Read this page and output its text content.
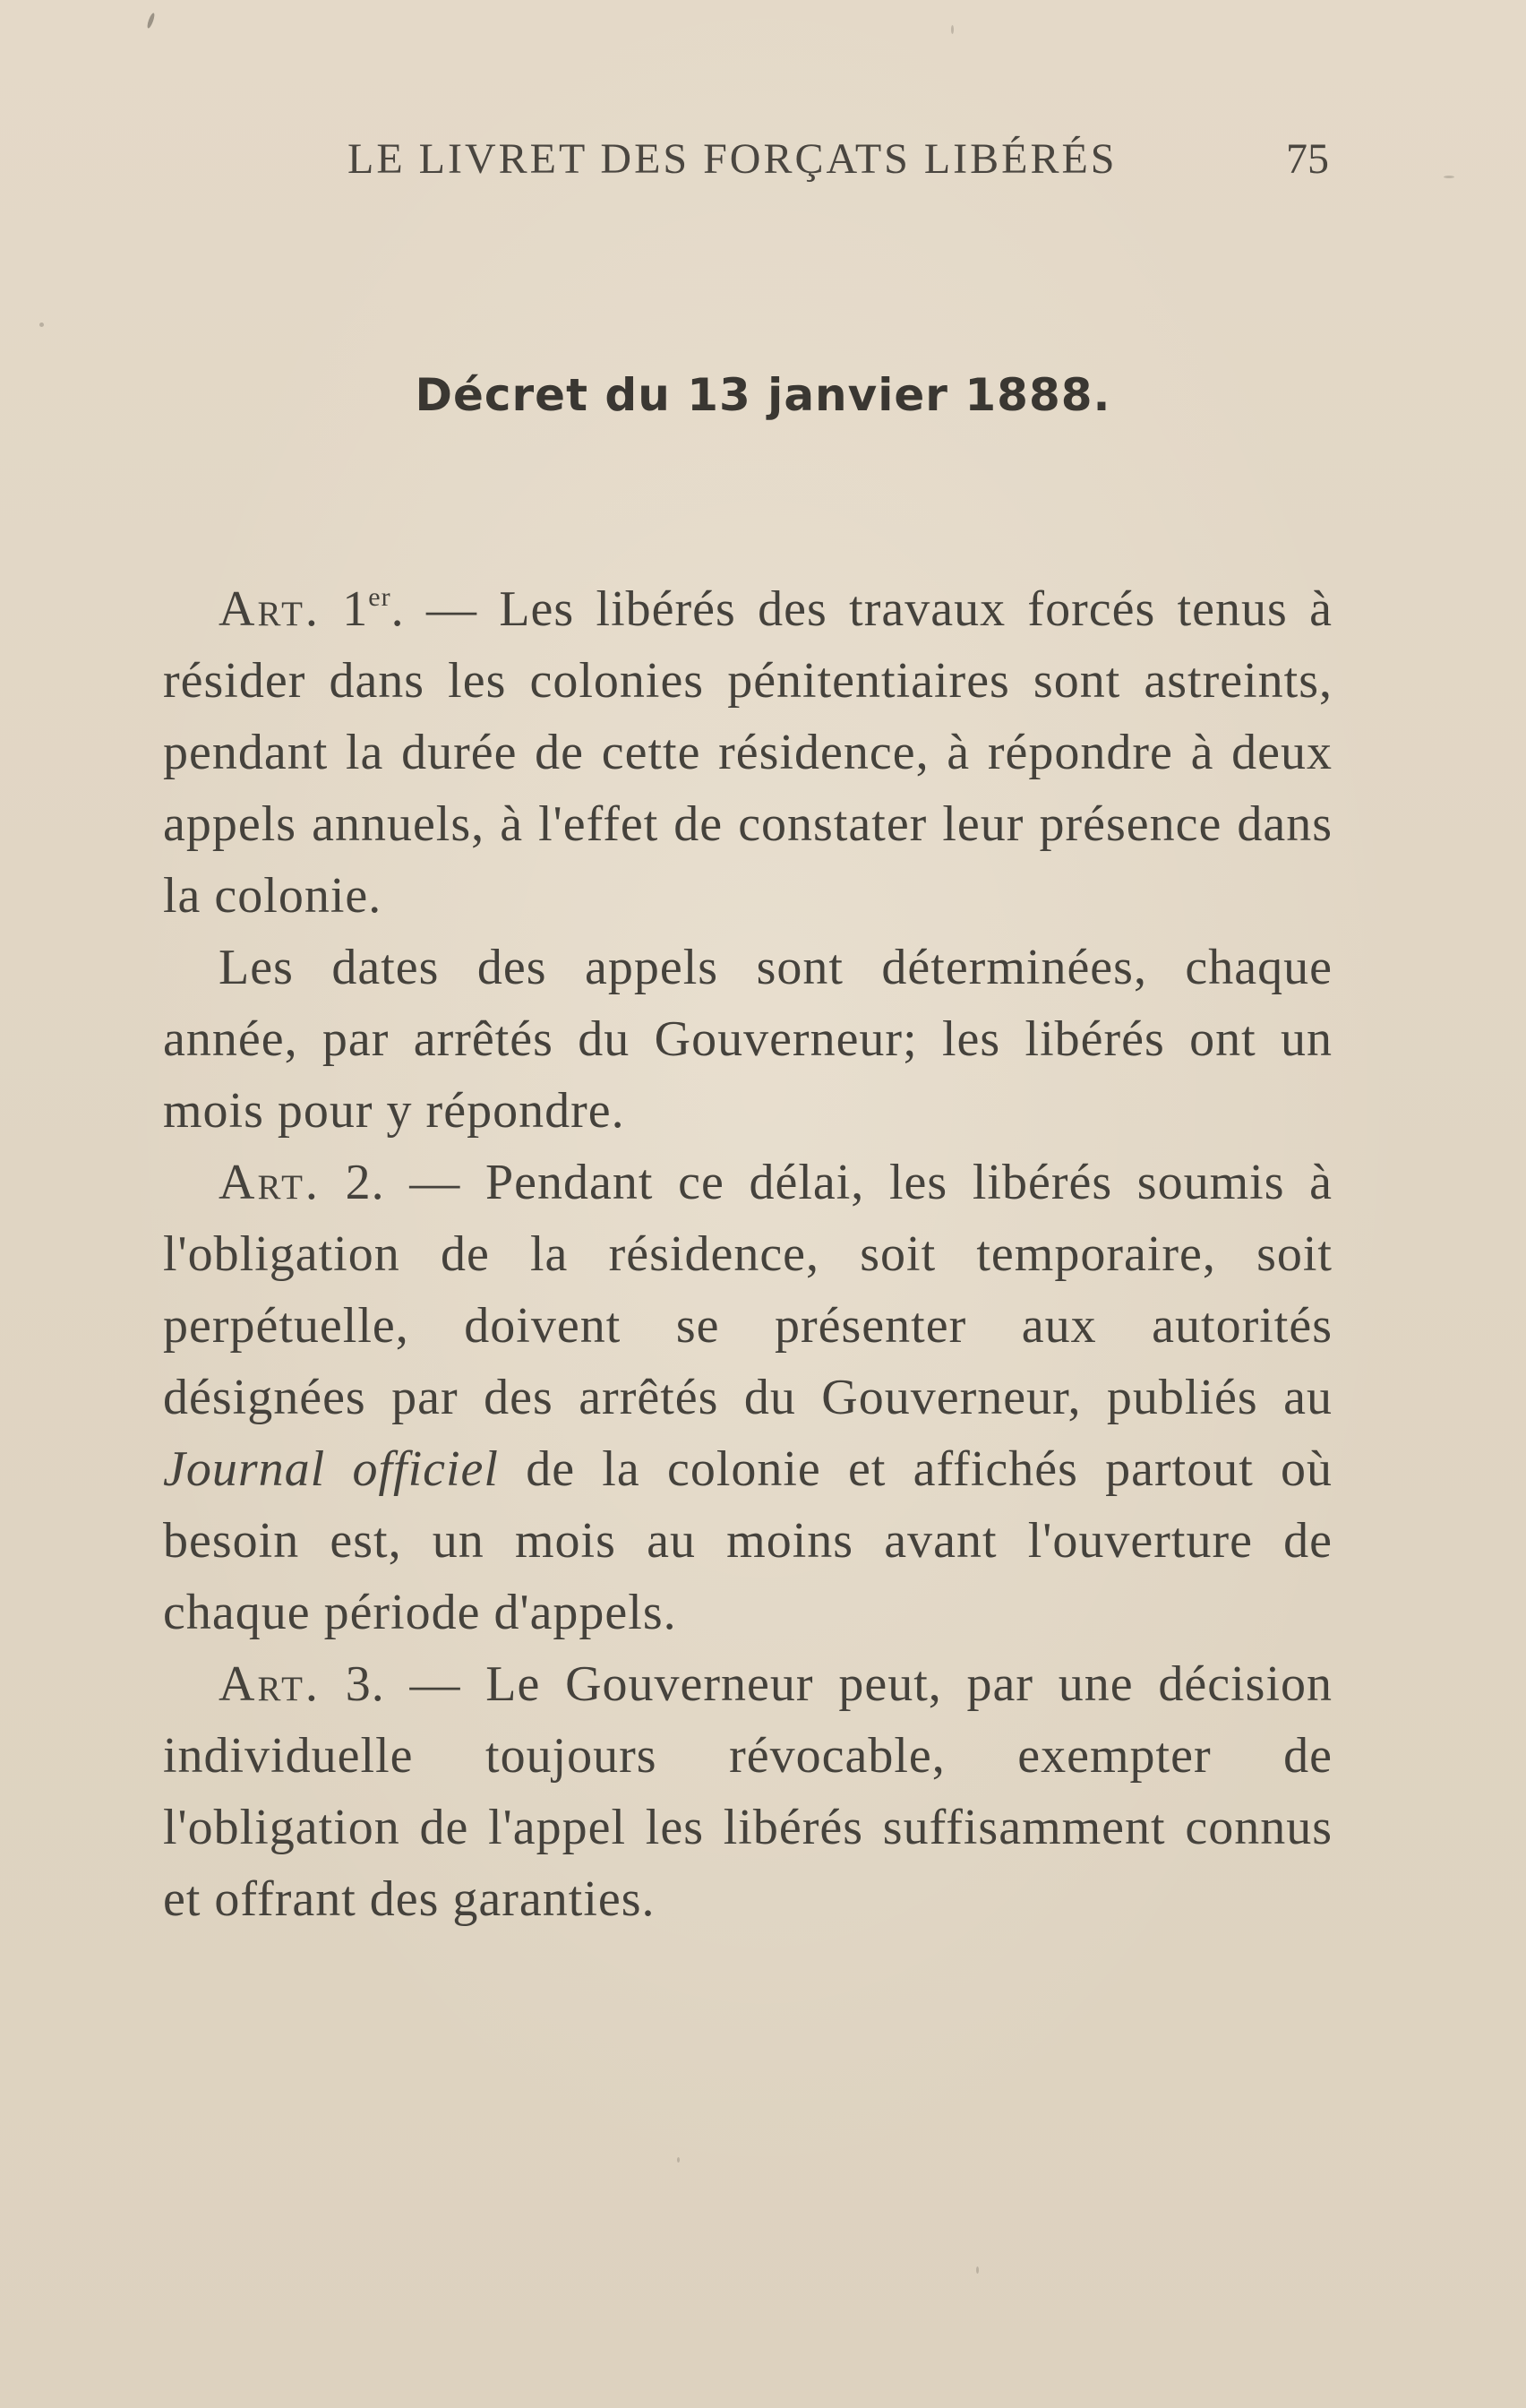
LE LIVRET DES FORÇATS LIBÉRÉS	75
Décret du 13 janvier 1888.

Art. 1er. — Les libérés des travaux forcés tenus à résider dans les colonies pénitentiaires sont astreints, pendant la durée de cette résidence, à répondre à deux appels annuels, à l'effet de constater leur présence dans la colonie.

Les dates des appels sont déterminées, chaque année, par arrêtés du Gouverneur; les libérés ont un mois pour y répondre.

Art. 2. — Pendant ce délai, les libérés soumis à l'obligation de la résidence, soit temporaire, soit perpétuelle, doivent se présenter aux autorités désignées par des arrêtés du Gouverneur, publiés au Journal officiel de la colonie et affichés partout où besoin est, un mois au moins avant l'ouverture de chaque période d'appels.

Art. 3. — Le Gouverneur peut, par une décision individuelle toujours révocable, exempter de l'obligation de l'appel les libérés suffisamment connus et offrant des garanties.
